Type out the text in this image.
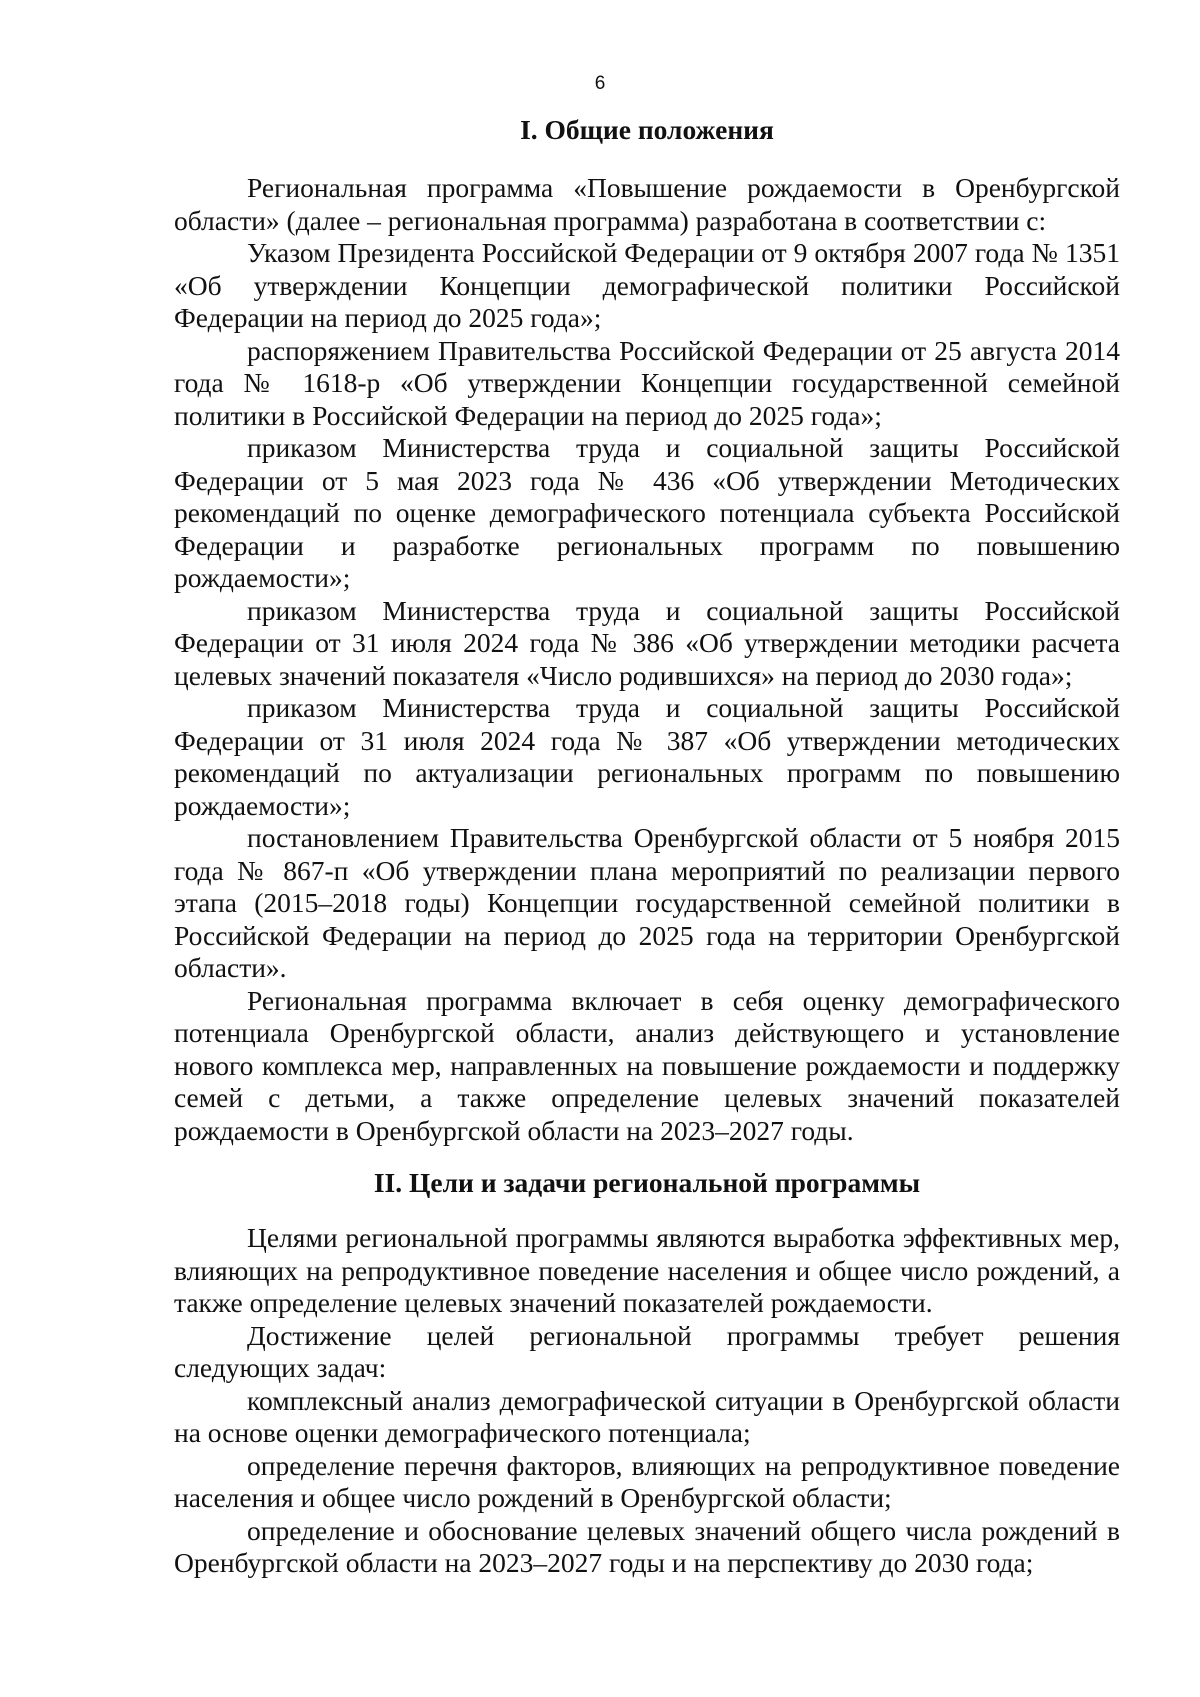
6
I. Общие положения

Региональная программа «Повышение рождаемости в Оренбургской области» (далее – региональная программа) разработана в соответствии с:

Указом Президента Российской Федерации от 9 октября 2007 года № 1351 «Об утверждении Концепции демографической политики Российской Федерации на период до 2025 года»;

распоряжением Правительства Российской Федерации от 25 августа 2014 года № 1618-р «Об утверждении Концепции государственной семейной политики в Российской Федерации на период до 2025 года»;

приказом Министерства труда и социальной защиты Российской Федерации от 5 мая 2023 года № 436 «Об утверждении Методических рекомендаций по оценке демографического потенциала субъекта Российской Федерации и разработке региональных программ по повышению рождаемости»;

приказом Министерства труда и социальной защиты Российской Федерации от 31 июля 2024 года № 386 «Об утверждении методики расчета целевых значений показателя «Число родившихся» на период до 2030 года»;

приказом Министерства труда и социальной защиты Российской Федерации от 31 июля 2024 года № 387 «Об утверждении методических рекомендаций по актуализации региональных программ по повышению рождаемости»;

постановлением Правительства Оренбургской области от 5 ноября 2015 года № 867-п «Об утверждении плана мероприятий по реализации первого этапа (2015–2018 годы) Концепции государственной семейной политики в Российской Федерации на период до 2025 года на территории Оренбургской области».

Региональная программа включает в себя оценку демографического потенциала Оренбургской области, анализ действующего и установление нового комплекса мер, направленных на повышение рождаемости и поддержку семей с детьми, а также определение целевых значений показателей рождаемости в Оренбургской области на 2023–2027 годы.

II. Цели и задачи региональной программы

Целями региональной программы являются выработка эффективных мер, влияющих на репродуктивное поведение населения и общее число рождений, а также определение целевых значений показателей рождаемости.

Достижение целей региональной программы требует решения следующих задач:

комплексный анализ демографической ситуации в Оренбургской области на основе оценки демографического потенциала;

определение перечня факторов, влияющих на репродуктивное поведение населения и общее число рождений в Оренбургской области;

определение и обоснование целевых значений общего числа рождений в Оренбургской области на 2023–2027 годы и на перспективу до 2030 года;
